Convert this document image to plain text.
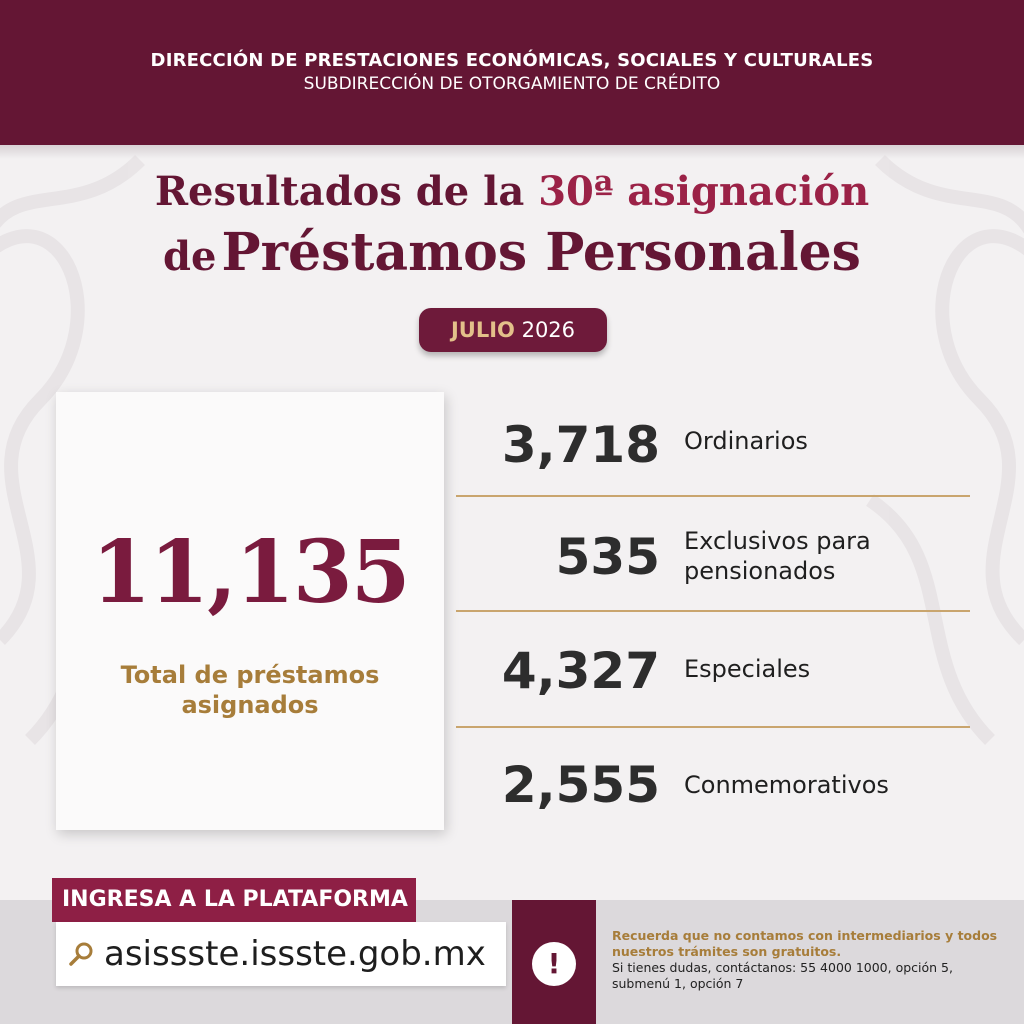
DIRECCIÓN DE PRESTACIONES ECONÓMICAS, SOCIALES Y CULTURALES
SUBDIRECCIÓN DE OTORGAMIENTO DE CRÉDITO
Resultados de la 30ª asignación
de Préstamos Personales
JULIO 2026
11,135
Total de préstamos asignados
3,718 Ordinarios
535 Exclusivos para pensionados
4,327 Especiales
2,555 Conmemorativos
INGRESA A LA PLATAFORMA
asissste.issste.gob.mx	!
Recuerda que no contamos con intermediarios y todos nuestros trámites son gratuitos.
Si tienes dudas, contáctanos: 55 4000 1000, opción 5, submenú 1, opción 7
